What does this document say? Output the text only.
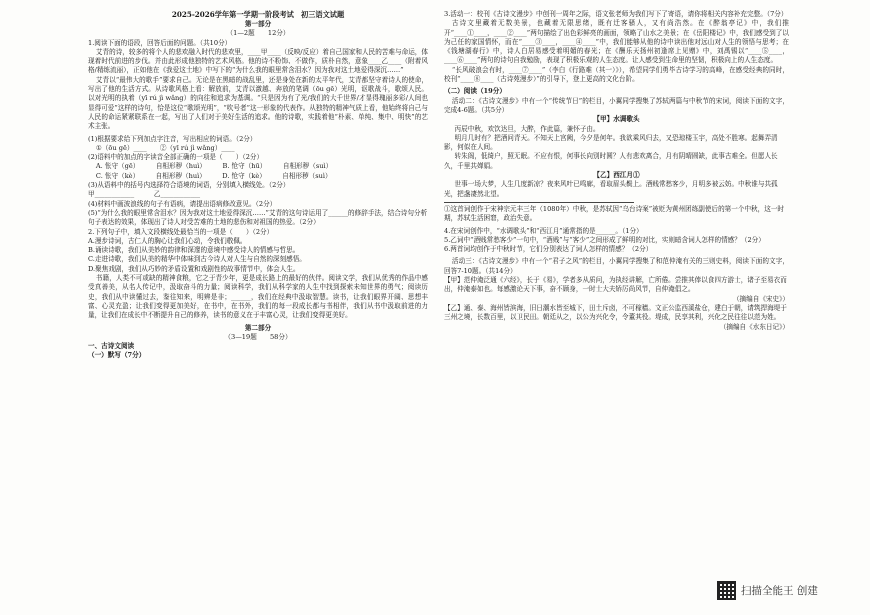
2025-2026学年第一学期一阶段考试　初三语文试题
第一部分
（1—2题　　12分）

1.阅读下面的语段，回答后面的问题。（共10分）

艾青的诗，较多的将个人的悲欢融入时代的悲欢里，____甲____（反映/反应）着自己国家和人民的苦难与命运，体现着时代前进的步伐。并由此形成他独特的艺术风格。他的诗不粉饰、不做作，质朴自然，意象____乙____（附着风格/精练流丽），正如他在《我爱这土地》中写下的“为什么我的眼里常含泪水？因为我对这土地爱得深沉……”

艾青以“最伟大的歌手”要求自己。无论是在黑暗的战乱里，还是身处在新的太平年代，艾青都坚守着诗人的使命，写出了他的生活方式。从诗歌风格上看：解放前，艾青以激越、奔放的笔调（ōu gē）光明，讴歌战斗，歌颂人民。以对光明的执着（yī rú jì wǎng）的向往和追求为基调。“只是因为有了光/我们的大千世界/才显得瑰丽多彩/人间也显得可爱”这样的诗句，恰是这位“歌颂光明”，“吹号者”这一形象的代表作。从独特的精神气质上看，他始终将自己与人民的命运紧紧联系在一起，写出了人们对于美好生活的追求。他的诗歌，实践着他“朴素、单纯、集中、明快”的艺术主张。

(1)根据要求给下列加点字注音，写出相应的词语。（2分）

①（ōu gē）____　　②（yī rú jì wǎng）____

(2)语料中的加点的字读音全部正确的一项是（　　）（2分）

A. 怅守（gē）　　　自相形秽（huì）　　　B. 怆守（hū）　　　自相形秽（suì）

C. 怅守（kè）　　　自相形秽（huì）　　　D. 怆守（kè）　　　自相形秽（suì）

(3)从语料中的括号内选择符合语境的词语，分别填入横线处。（2分）

甲____________　　　乙____________

(4)材料中画波浪线的句子有语病，请提出语病修改意见。（2分）

(5)“为什么我的眼里常含泪水？因为我对这土地爱得深沉……”艾青的这句诗运用了______的修辞手法，结合诗句分析句子表达的效果，体现出了诗人对受苦难的土地的悲伤和对祖国的热爱。（2分）

2.下列句子中，填入文段横线处最恰当的一项是（　　）（2分）

A.漫步诗词，古仁人的胸心让我们心动，令我们敬佩。

B.诵读诗歌，我们从美妙的韵律和深邃的意境中感受诗人的情感与哲思。

C.走进诗歌，我们从美的精华中体味到古今诗人对人生与自然的深刻感悟。

D.聚焦戏剧，我们从巧妙的矛盾设置和戏剧性的故事情节中，体会人生。

书籍，人类不可或缺的精神食粮，它之于青少年，更是成长路上的最好的伙伴。阅读文学，我们从优秀的作品中感受真善美，从名人传记中，汲取奋斗的力量；阅读科学，我们从科学家的人生中找到探索未知世界的勇气；阅读历史，我们从中读懂过去，鉴往知来，明辨是非；______，我们在经典中汲取智慧。读书，让我们眼界开阔、思想丰富、心灵充盈；让我们变得更加美好，在书中，在书外，我们的每一段成长都与书相伴，我们从书中汲取前进的力量，让我们在成长中不断提升自己的修养，读书的意义在于丰富心灵，让我们变得更美好。

第二部分
（3—19题　　58分）

一、古诗文阅读

（一）默写（7分）

3.活动一：校刊《古诗文漫步》中创刊一周年之际，语文张老师为我们写下了寄语，请你将相关内容补充完整。（7分）

古诗文里藏着无数美景，也藏着无限思绪，既有迁客骚人，又有尚浩然。在《醉翁亭记》中，我们推开“____①____，____②____”两句描绘了出色彩鲜亮的画面，领略了山水之美景；在《岳阳楼记》中，我们感受到了以为己任的家国情怀，而在“____③____，____④____”中，我们能够从他的诗中读出他对远山对人生的领悟与思考；在《钱塘湖春行》中，诗人白居易感受着明媚的春光；在《酬乐天扬州初逢席上见赠》中，刘禹锡以“____⑤____，____⑥____”两句的诗句自我勉励，表现了积极乐观的人生态度。让人感受到生命里的坚韧，积极向上的人生态度。

“长风破浪会有时，____⑦____”（李白《行路难（其一）》），希望同学们勇毕古诗学习的高峰，在感受经典的同时，校刊“____⑧____（古诗苑漫步）”的引导下，登上更高的文化台阶。

（二）阅读（19分）

活动二：《古诗文漫步》中有一个“传统节日”的栏目，小翼同学搜集了苏轼两篇与中秋节的宋词，阅读下面的文字，完成4-6题。（共5分）

【甲】水调歌头

丙辰中秋，欢饮达旦，大醉，作此篇，兼怀子由。

明月几时有？把酒问青天。不知天上宫阙，今夕是何年。我欲乘风归去，又恐琼楼玉宇，高处不胜寒。起舞弄清影，何似在人间。

转朱阁，低绮户，照无眠。不应有恨，何事长向别时圆？人有悲欢离合，月有阴晴圆缺，此事古难全。但愿人长久，千里共婵娟。

【乙】西江月①

世事一场大梦，人生几度新凉？夜来风叶已鸣廊，看取眉头鬓上。酒贱常愁客少，月明多被云妨。中秋谁与共孤光，把盏凄然北望。

①这首词创作于宋神宗元丰三年（1080年）中秋，是苏轼因“乌台诗案”被贬为黄州团练副使后的第一个中秋，这一时期，苏轼生活困窘，政治失意。

4.在宋词创作中，“水调歌头”和“西江月”通常指的是______。（1分）

5.乙词中“酒贱常愁客少”一句中，“酒贱”与“客少”之间形成了鲜明的对比，实则暗含词人怎样的情感？（2分）

6.两首词均创作于中秋时节，它们分别表达了词人怎样的情感？（2分）

活动三：《古诗文漫步》中有一个“君子之风”的栏目，小翼同学搜集了和范仲淹有关的三则史料，阅读下面的文字，回答7-10题。（共14分）

【甲】范仲淹泛通《六经》，长于《易》，学者多从质问，为执经讲解，亡所倦。尝推其俸以食四方游士，诸子至易衣而出，仲淹泰如也。每感激论天下事，奋不顾身，一时士大夫矫厉尚风节，自仲淹倡之。

（摘编自《宋史》）

【乙】通、泰、海州皆滨海，旧日潮水皆至城下，田土斥卤，不可稼穑。文正公监西溪盐仓，建白于朝，请筑捍海堤于三州之境，长数百里，以卫民田。朝廷从之，以公为兴化令，令董其役。堤成，民享其利，兴化之民往往以范为姓。

（摘编自《水东日记》）

扫描全能王 创建
